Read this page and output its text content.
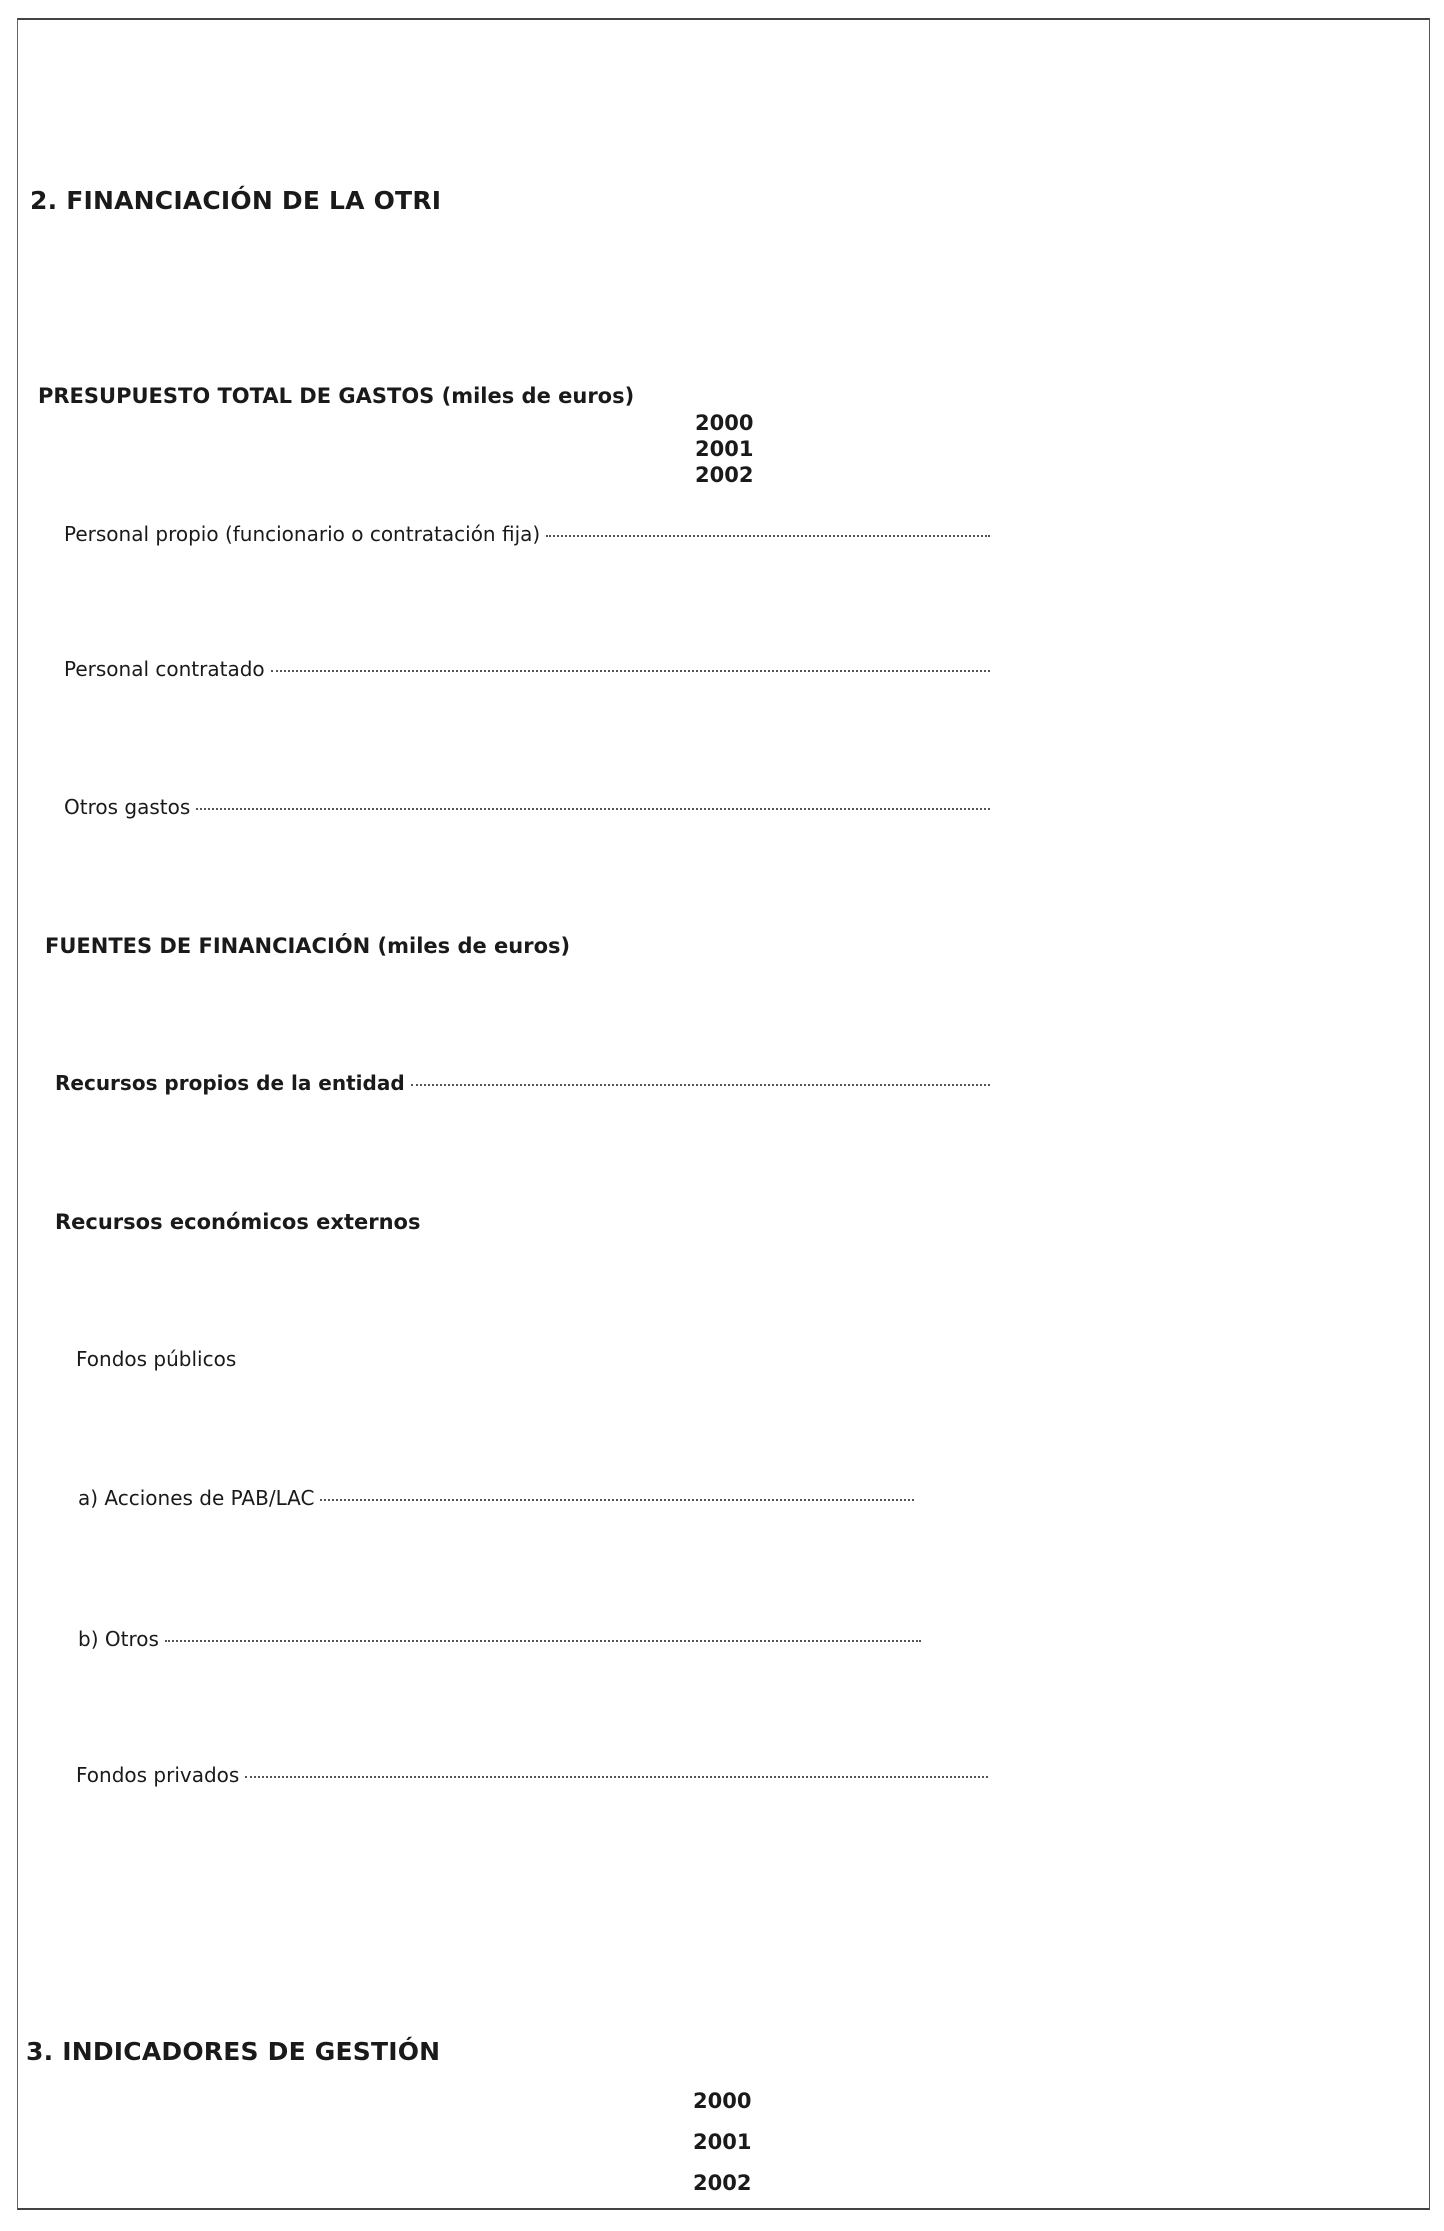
2. FINANCIACIÓN DE LA OTRI
PRESUPUESTO TOTAL DE GASTOS (miles de euros)
2000
2001
2002
Personal propio (funcionario o contratación fija)
Personal contratado
Otros gastos
FUENTES DE FINANCIACIÓN (miles de euros)
Recursos propios de la entidad
Recursos económicos externos
Fondos públicos
a) Acciones de PAB/LAC
b) Otros
Fondos privados
3. INDICADORES DE GESTIÓN
2000
2001
2002
